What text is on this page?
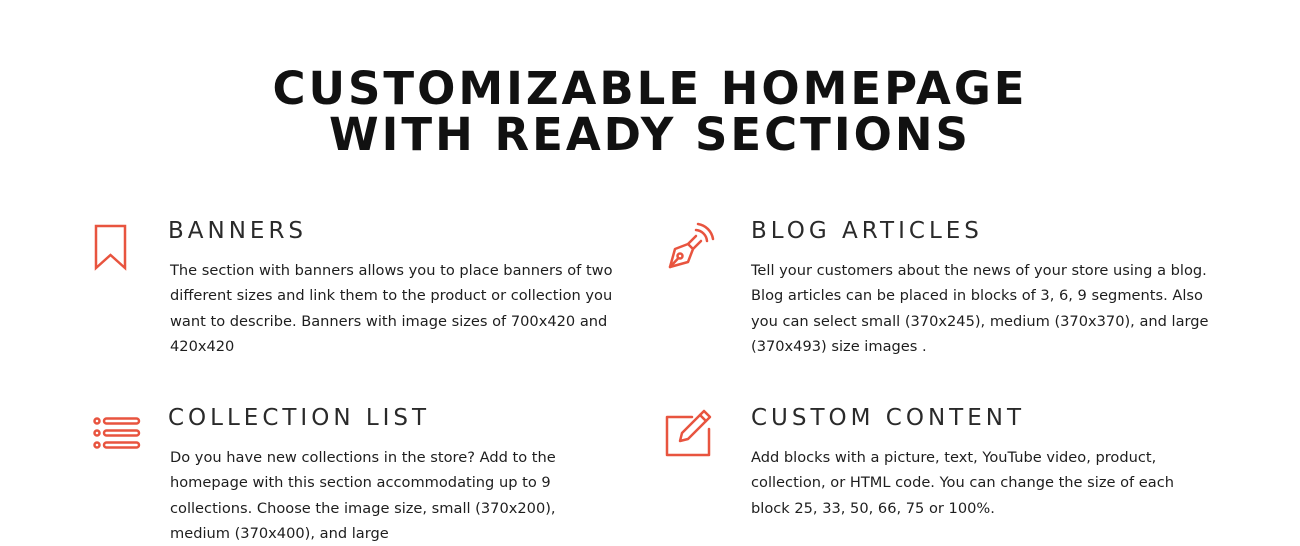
CUSTOMIZABLE HOMEPAGE
WITH READY SECTIONS
BANNERS

The section with banners allows you to place banners of two different sizes and link them to the product or collection you want to describe. Banners with image sizes of 700x420 and 420x420

BLOG ARTICLES

Tell your customers about the news of your store using a blog. Blog articles can be placed in blocks of 3, 6, 9 segments. Also you can select small (370x245), medium (370x370), and large (370x493) size images .

COLLECTION LIST

Do you have new collections in the store? Add to the homepage with this section accommodating up to 9 collections. Choose the image size, small (370x200), medium (370x400), and large

CUSTOM CONTENT

Add blocks with a picture, text, YouTube video, product, collection, or HTML code. You can change the size of each block 25, 33, 50, 66, 75 or 100%.
